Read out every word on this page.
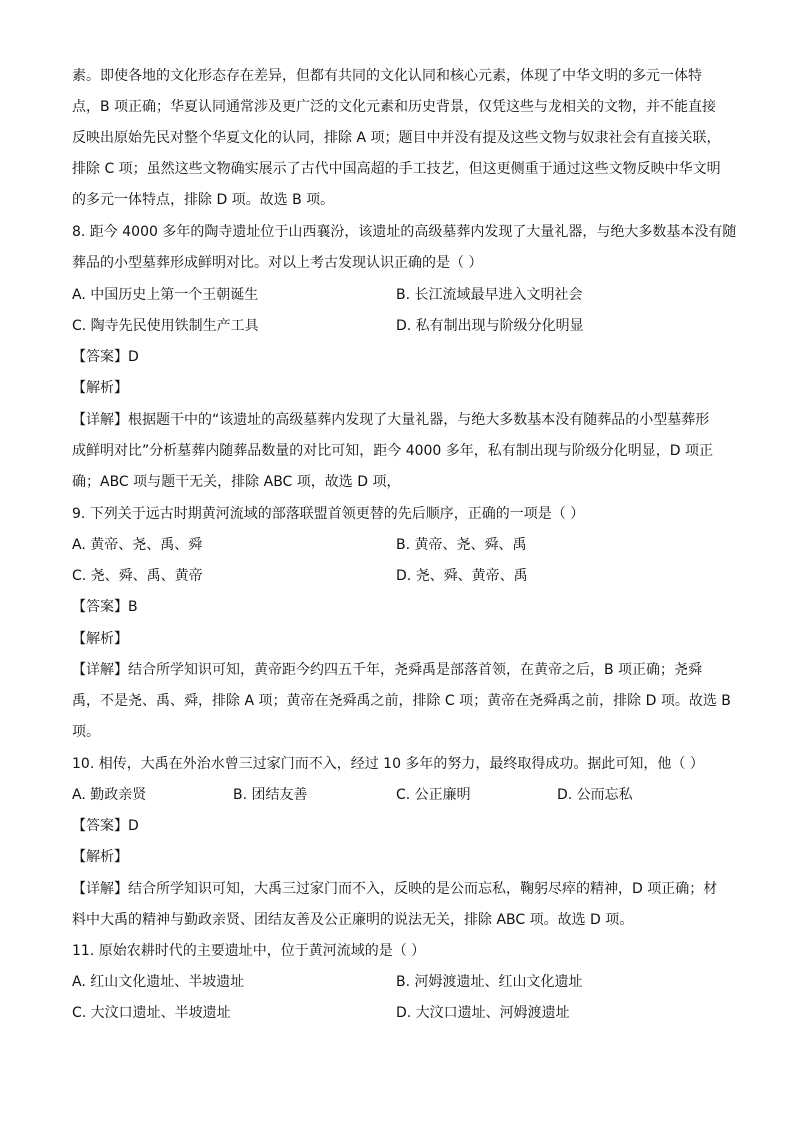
素。即使各地的文化形态存在差异，但都有共同的文化认同和核心元素，体现了中华文明的多元一体特
点，B 项正确；华夏认同通常涉及更广泛的文化元素和历史背景，仅凭这些与龙相关的文物，并不能直接
反映出原始先民对整个华夏文化的认同，排除 A 项；题目中并没有提及这些文物与奴隶社会有直接关联，
排除 C 项；虽然这些文物确实展示了古代中国高超的手工技艺，但这更侧重于通过这些文物反映中华文明
的多元一体特点，排除 D 项。故选 B 项。
8. 距今 4000 多年的陶寺遗址位于山西襄汾，该遗址的高级墓葬内发现了大量礼器，与绝大多数基本没有随
葬品的小型墓葬形成鲜明对比。对以上考古发现认识正确的是（ ）
A. 中国历史上第一个王朝诞生	B. 长江流域最早进入文明社会
C. 陶寺先民使用铁制生产工具	D. 私有制出现与阶级分化明显
【答案】D
【解析】
【详解】根据题干中的“该遗址的高级墓葬内发现了大量礼器，与绝大多数基本没有随葬品的小型墓葬形
成鲜明对比”分析墓葬内随葬品数量的对比可知，距今 4000 多年，私有制出现与阶级分化明显，D 项正
确；ABC 项与题干无关，排除 ABC 项，故选 D 项，
9. 下列关于远古时期黄河流域的部落联盟首领更替的先后顺序，正确的一项是（ ）
A. 黄帝、尧、禹、舜	B. 黄帝、尧、舜、禹
C. 尧、舜、禹、黄帝	D. 尧、舜、黄帝、禹
【答案】B
【解析】
【详解】结合所学知识可知，黄帝距今约四五千年，尧舜禹是部落首领，在黄帝之后，B 项正确；尧舜
禹，不是尧、禹、舜，排除 A 项；黄帝在尧舜禹之前，排除 C 项；黄帝在尧舜禹之前，排除 D 项。故选 B
项。
10. 相传，大禹在外治水曾三过家门而不入，经过 10 多年的努力，最终取得成功。据此可知，他（ ）
A. 勤政亲贤	B. 团结友善	C. 公正廉明	D. 公而忘私
【答案】D
【解析】
【详解】结合所学知识可知，大禹三过家门而不入，反映的是公而忘私，鞠躬尽瘁的精神，D 项正确；材
料中大禹的精神与勤政亲贤、团结友善及公正廉明的说法无关，排除 ABC 项。故选 D 项。
11. 原始农耕时代的主要遗址中，位于黄河流域的是（ ）
A. 红山文化遗址、半坡遗址	B. 河姆渡遗址、红山文化遗址
C. 大汶口遗址、半坡遗址	D. 大汶口遗址、河姆渡遗址
